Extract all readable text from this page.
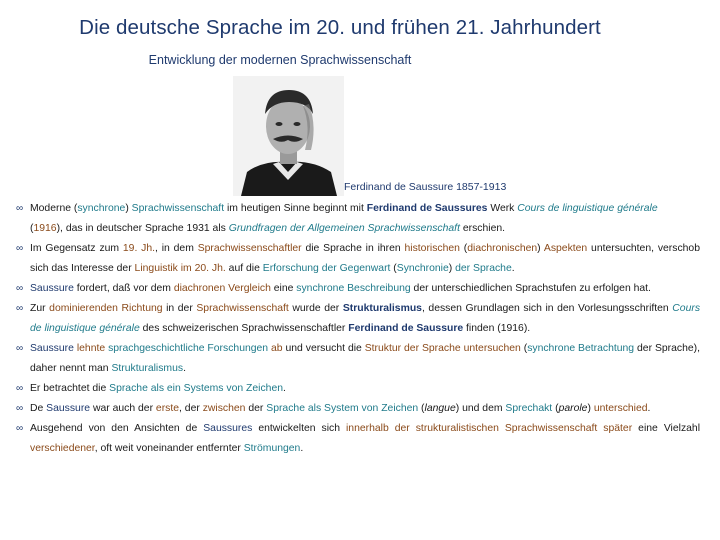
Die deutsche Sprache im 20. und frühen 21. Jahrhundert
Entwicklung der modernen Sprachwissenschaft
Ferdinand de Saussure 1857-1913
∞ Moderne (synchrone) Sprachwissenschaft im heutigen Sinne beginnt mit Ferdinand de Saussures Werk Cours de linguistique générale
(1916), das in deutscher Sprache 1931 als Grundfragen der Allgemeinen Sprachwissenschaft erschien.
∞ Im Gegensatz zum 19. Jh., in dem Sprachwissenschaftler die Sprache in ihren historischen (diachronischen) Aspekten untersuchten, verschob sich das Interesse der Linguistik im 20. Jh. auf die Erforschung der Gegenwart (Synchronie) der Sprache.
∞ Saussure fordert, daß vor dem diachronen Vergleich eine synchrone Beschreibung der unterschiedlichen Sprachstufen zu erfolgen hat.
∞ Zur dominierenden Richtung in der Sprachwissenschaft wurde der Strukturalismus, dessen Grundlagen sich in den Vorlesungsschriften Cours de linguistique générale des schweizerischen Sprachwissenschaftler Ferdinand de Saussure finden (1916).
∞ Saussure lehnte sprachgeschichtliche Forschungen ab und versucht die Struktur der Sprache untersuchen (synchrone Betrachtung der Sprache), daher nennt man Strukturalismus.
∞ Er betrachtet die Sprache als ein Systems von Zeichen.
∞ De Saussure war auch der erste, der zwischen der Sprache als System von Zeichen (langue) und dem Sprechakt (parole) unterschied.
∞ Ausgehend von den Ansichten de Saussures entwickelten sich innerhalb der strukturalistischen Sprachwissenschaft später eine Vielzahl verschiedener, oft weit voneinander entfernter Strömungen.
